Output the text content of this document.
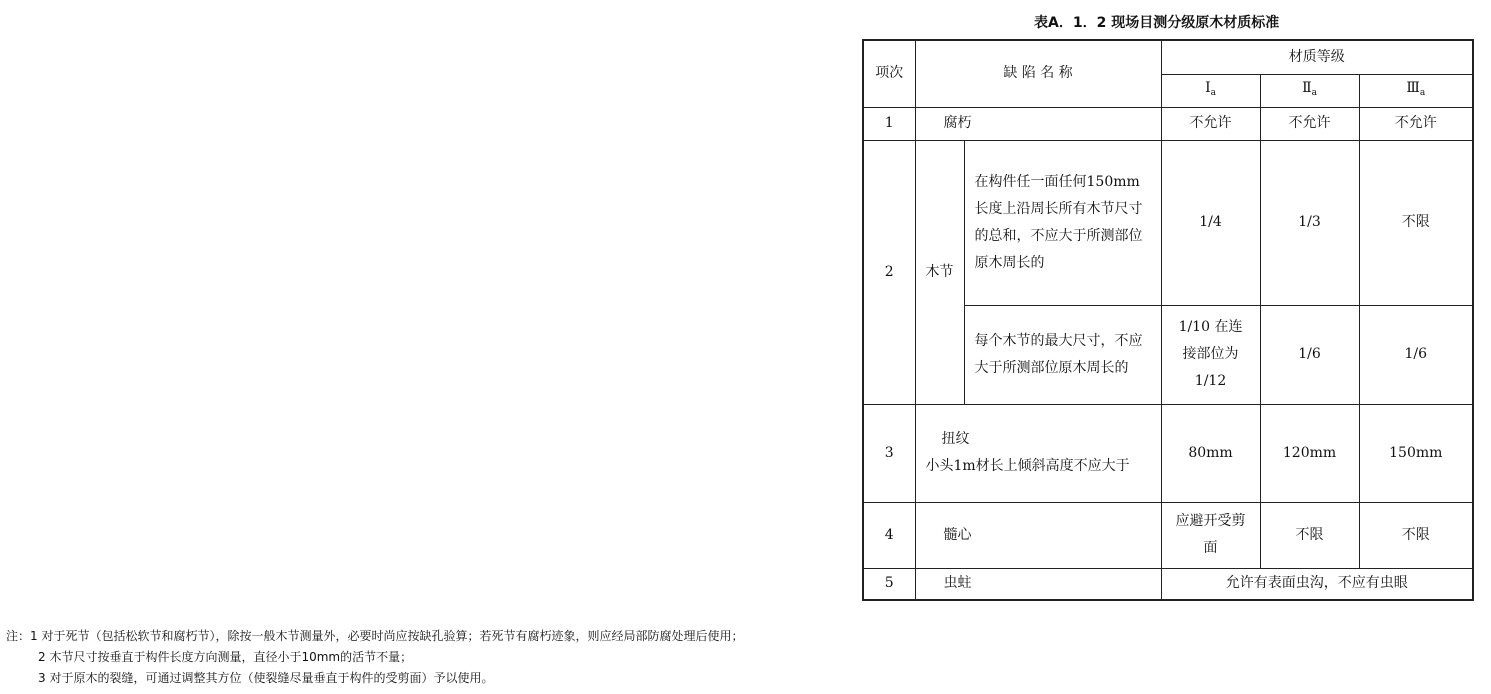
表A．1．2 现场目测分级原木材质标准
项次	缺 陷 名 称		材质等级		
			$Ⅰ_a$	$Ⅱ_a$	$Ⅲ_a$
1	腐朽		不允许	不允许	不允许
2	木节	在构件任一面任何150mm长度上沿周长所有木节尺寸的总和，不应大于所测部位原木周长的	1/4	1/3	不限
		每个木节的最大尺寸，不应大于所测部位原木周长的	1/10 在连接部位为1/12	1/6	1/6
3	扭纹
小头1m材长上倾斜高度不应大于		80mm	120mm	150mm
4	髓心		应避开受剪面	不限	不限
5	虫蛀		允许有表面虫沟，不应有虫眼		
注：1 对于死节（包括松软节和腐朽节），除按一般木节测量外，必要时尚应按缺孔验算；若死节有腐朽迹象，则应经局部防腐处理后使用；
2 木节尺寸按垂直于构件长度方向测量，直径小于10mm的活节不量；
3 对于原木的裂缝，可通过调整其方位（使裂缝尽量垂直于构件的受剪面）予以使用。
